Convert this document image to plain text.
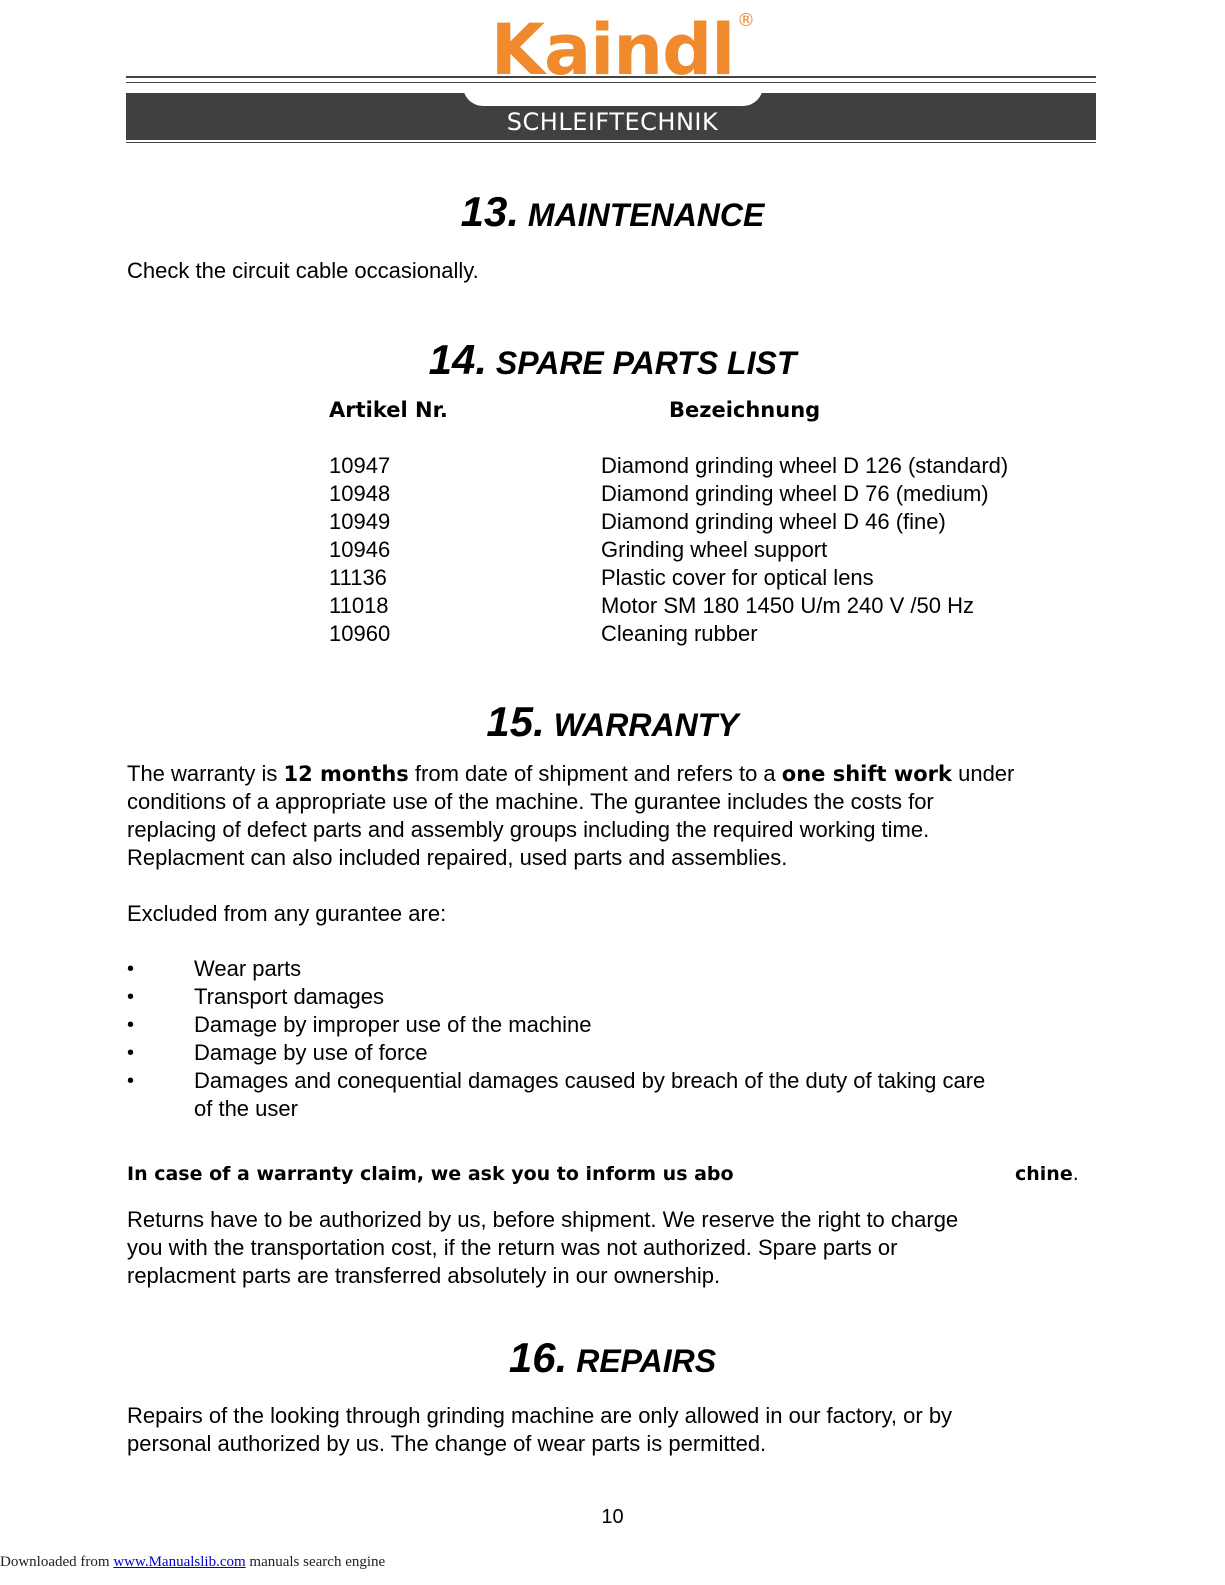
Kaindl ®
SCHLEIFTECHNIK
13. MAINTENANCE
Check the circuit cable occasionally.
14. SPARE PARTS LIST
Artikel Nr.	Bezeichnung
10947	Diamond grinding wheel D 126 (standard)
10948	Diamond grinding wheel D 76 (medium)
10949	Diamond grinding wheel D 46 (fine)
10946	Grinding wheel support
11136	Plastic cover for optical lens
11018	Motor SM 180 1450 U/m 240 V /50 Hz
10960	Cleaning rubber
15. WARRANTY
The warranty is 12 months from date of shipment and refers to a one shift work under
conditions of a appropriate use of the machine. The gurantee includes the costs for
replacing of defect parts and assembly groups including the required working time.
Replacment can also included repaired, used parts and assemblies.
Excluded from any gurantee are:
•	Wear parts
•	Transport damages
•	Damage by improper use of the machine
•	Damage by use of force
•	Damages and conequential damages caused by breach of the duty of taking care
of the user
In case of a warranty claim, we ask you to inform us abo	chine.
Returns have to be authorized by us, before shipment. We reserve the right to charge
you with the transportation cost, if the return was not authorized. Spare parts or
replacment parts are transferred absolutely in our ownership.
16. REPAIRS
Repairs of the looking through grinding machine are only allowed in our factory, or by
personal authorized by us. The change of wear parts is permitted.
10
Downloaded from www.Manualslib.com manuals search engine
